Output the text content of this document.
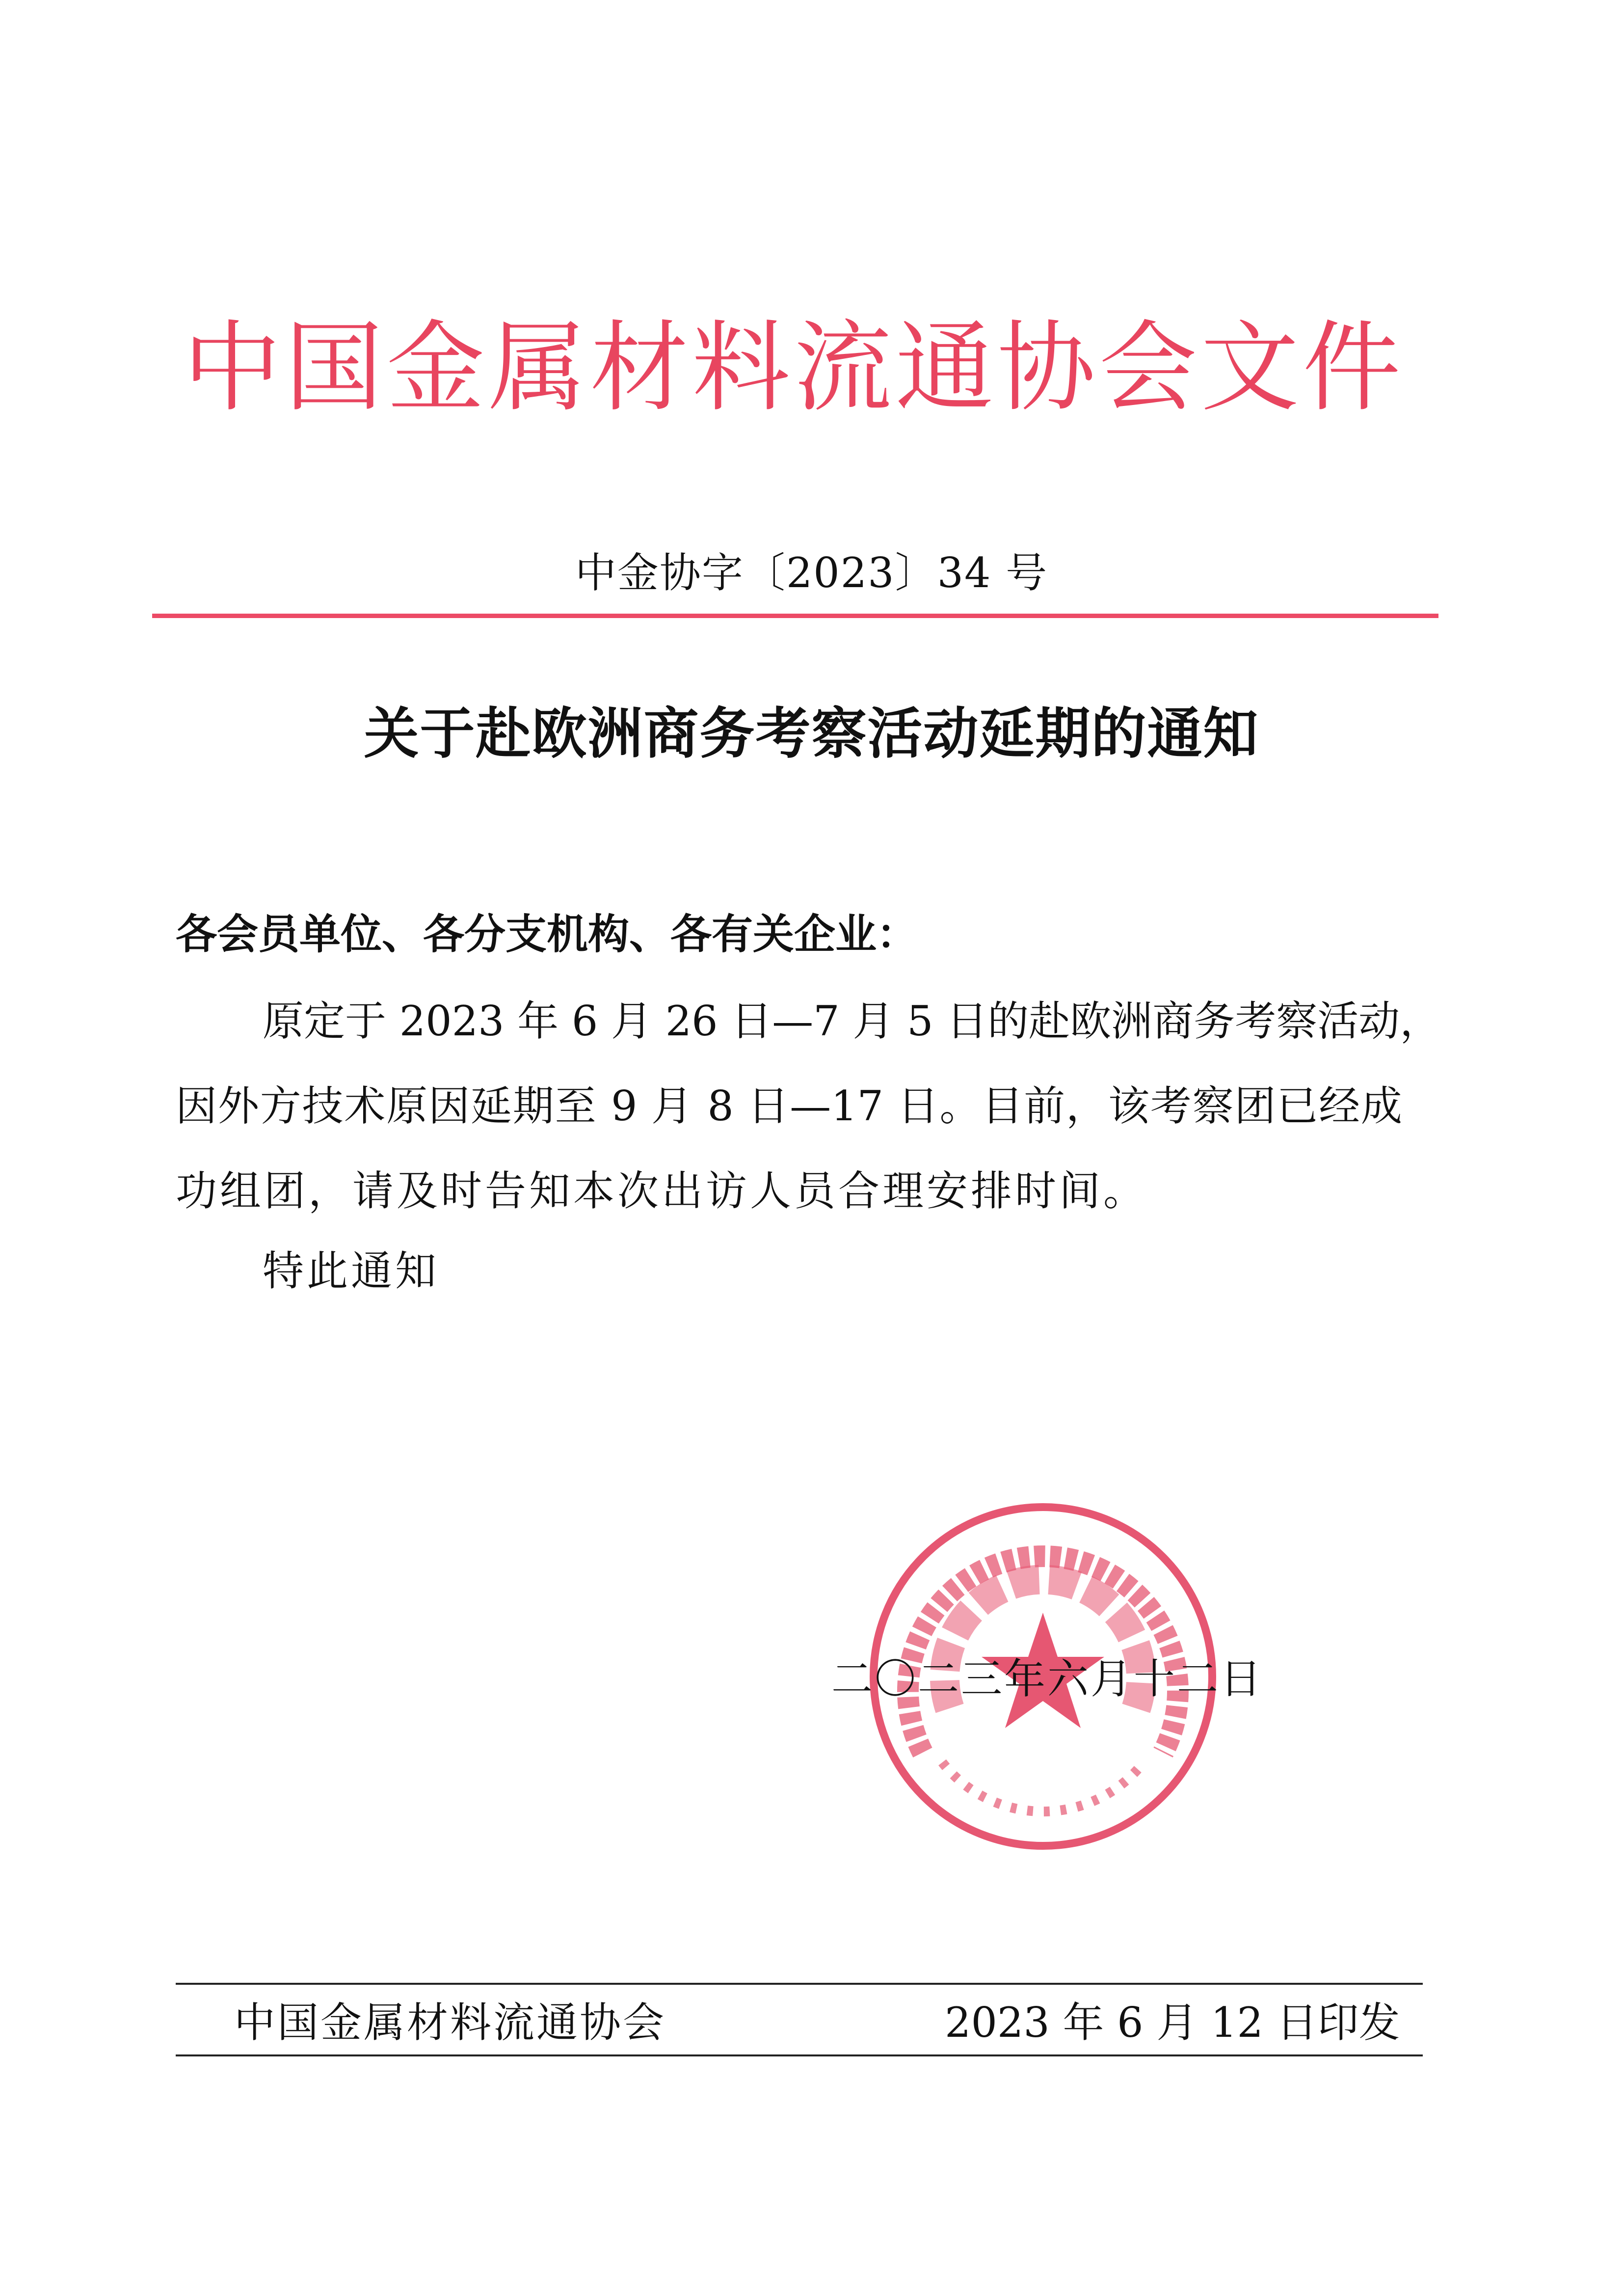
中国金属材料流通协会文件
中金协字〔2023〕34 号
关于赴欧洲商务考察活动延期的通知
各会员单位、各分支机构、各有关企业：
原定于 2023 年 6 月 26 日—7 月 5 日的赴欧洲商务考察活动，
因外方技术原因延期至 9 月 8 日—17 日。目前，该考察团已经成
功组团，请及时告知本次出访人员合理安排时间。
特此通知
二〇二三年六月十二日
中国金属材料流通协会	2023 年 6 月 12 日印发
